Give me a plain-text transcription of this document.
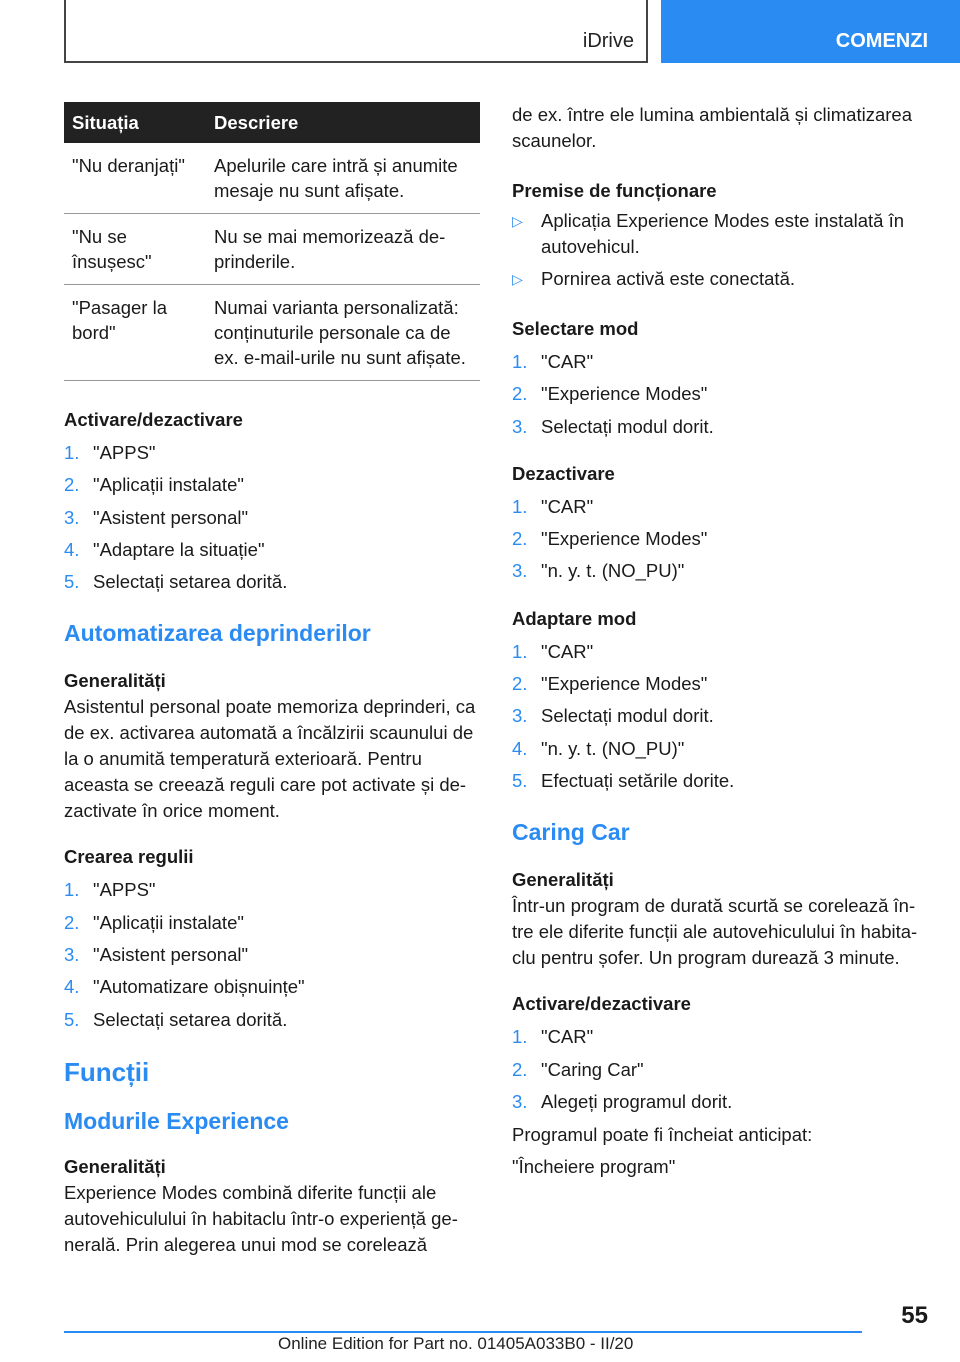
iDrive	COMENZI
Situația	Descriere
"Nu deranjați"	Apelurile care intră și anumite mesaje nu sunt afișate.
"Nu se însușesc"	Nu se mai memorizează deprinderile.
"Pasager la bord"	Numai varianta personalizată: conținuturile personale ca de ex. e-mail-urile nu sunt afișate.

Activare/dezactivare

1. "APPS"
2. "Aplicații instalate"
3. "Asistent personal"
4. "Adaptare la situație"
5. Selectați setarea dorită.

Automatizarea deprinderilor

Generalități

Asistentul personal poate memoriza deprinderi, ca de ex. activarea automată a încălzirii scaunului de la o anumită temperatură exterioară. Pentru aceasta se creează reguli care pot activate și dezactivate în orice moment.

Crearea regulii

1. "APPS"
2. "Aplicații instalate"
3. "Asistent personal"
4. "Automatizare obișnuințe"
5. Selectați setarea dorită.

Funcții

Modurile Experience

Generalități

Experience Modes combină diferite funcții ale autovehiculului în habitaclu într-o experiență generală. Prin alegerea unui mod se corelează

de ex. între ele lumina ambientală și climatizarea scaunelor.

Premise de funcționare

▷ Aplicația Experience Modes este instalată în autovehicul.
▷ Pornirea activă este conectată.

Selectare mod

1. "CAR"
2. "Experience Modes"
3. Selectați modul dorit.

Dezactivare

1. "CAR"
2. "Experience Modes"
3. "n. y. t. (NO_PU)"

Adaptare mod

1. "CAR"
2. "Experience Modes"
3. Selectați modul dorit.
4. "n. y. t. (NO_PU)"
5. Efectuați setările dorite.

Caring Car

Generalități

Într-un program de durată scurtă se corelează între ele diferite funcții ale autovehiculului în habitaclu pentru șofer. Un program durează 3 minute.

Activare/dezactivare

1. "CAR"
2. "Caring Car"
3. Alegeți programul dorit.

Programul poate fi încheiat anticipat:

"Încheiere program"

55
Online Edition for Part no. 01405A033B0 - II/20
